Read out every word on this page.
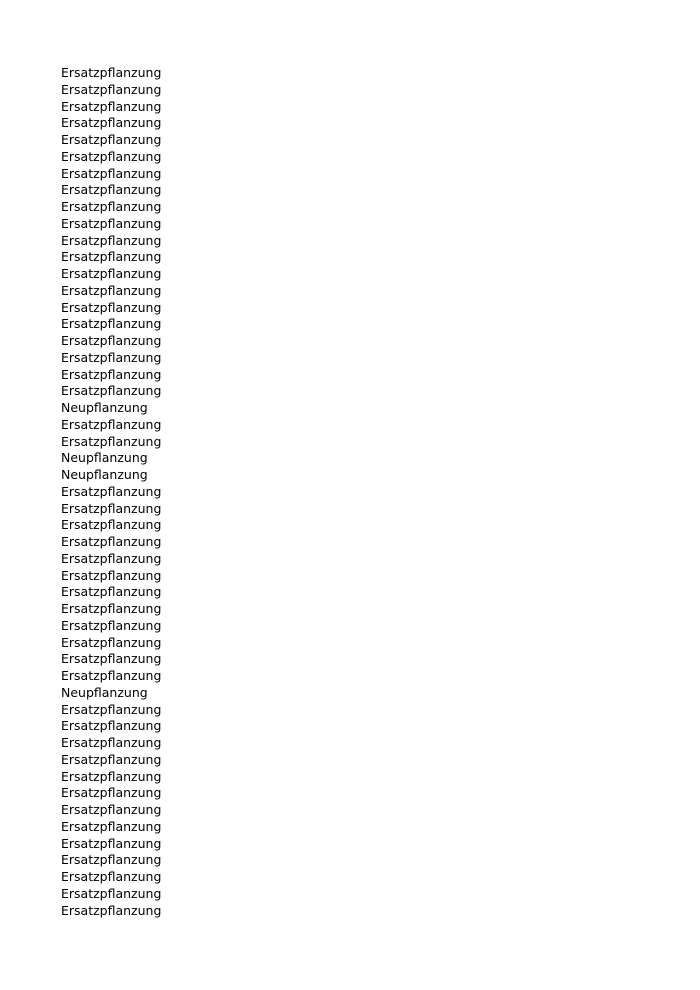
Ersatzpflanzung
Ersatzpflanzung
Ersatzpflanzung
Ersatzpflanzung
Ersatzpflanzung
Ersatzpflanzung
Ersatzpflanzung
Ersatzpflanzung
Ersatzpflanzung
Ersatzpflanzung
Ersatzpflanzung
Ersatzpflanzung
Ersatzpflanzung
Ersatzpflanzung
Ersatzpflanzung
Ersatzpflanzung
Ersatzpflanzung
Ersatzpflanzung
Ersatzpflanzung
Ersatzpflanzung
Neupflanzung
Ersatzpflanzung
Ersatzpflanzung
Neupflanzung
Neupflanzung
Ersatzpflanzung
Ersatzpflanzung
Ersatzpflanzung
Ersatzpflanzung
Ersatzpflanzung
Ersatzpflanzung
Ersatzpflanzung
Ersatzpflanzung
Ersatzpflanzung
Ersatzpflanzung
Ersatzpflanzung
Ersatzpflanzung
Neupflanzung
Ersatzpflanzung
Ersatzpflanzung
Ersatzpflanzung
Ersatzpflanzung
Ersatzpflanzung
Ersatzpflanzung
Ersatzpflanzung
Ersatzpflanzung
Ersatzpflanzung
Ersatzpflanzung
Ersatzpflanzung
Ersatzpflanzung
Ersatzpflanzung
